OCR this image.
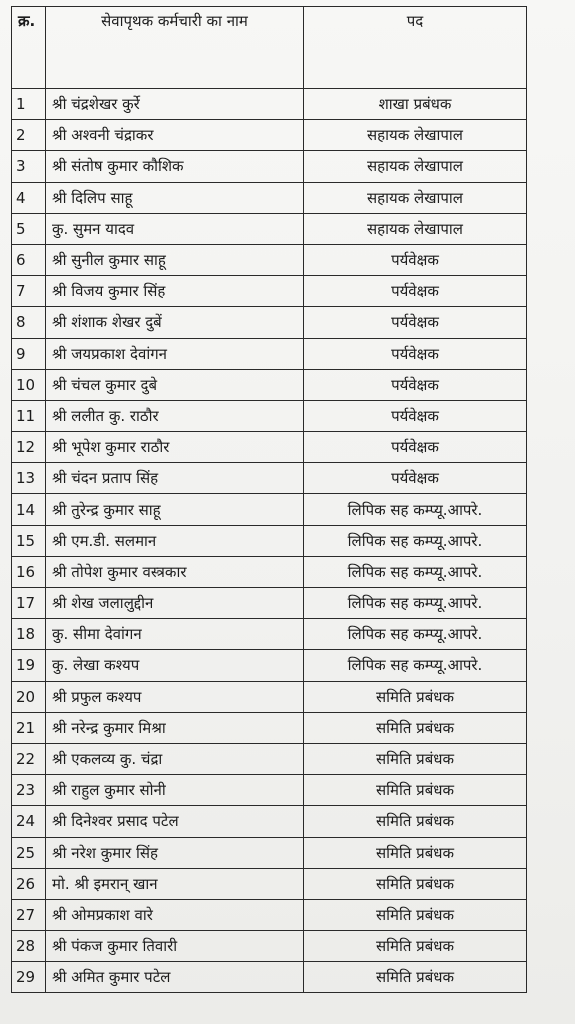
क्र.	सेवापृथक कर्मचारी का नाम	पद
1	श्री चंद्रशेखर कुर्रे	शाखा प्रबंधक
2	श्री अश्वनी चंद्राकर	सहायक लेखापाल
3	श्री संतोष कुमार कौशिक	सहायक लेखापाल
4	श्री दिलिप साहू	सहायक लेखापाल
5	कु. सुमन यादव	सहायक लेखापाल
6	श्री सुनील कुमार साहू	पर्यवेक्षक
7	श्री विजय कुमार सिंह	पर्यवेक्षक
8	श्री शंशाक शेखर दुबें	पर्यवेक्षक
9	श्री जयप्रकाश देवांगन	पर्यवेक्षक
10	श्री चंचल कुमार दुबे	पर्यवेक्षक
11	श्री ललीत कु. राठौर	पर्यवेक्षक
12	श्री भूपेश कुमार राठौर	पर्यवेक्षक
13	श्री चंदन प्रताप सिंह	पर्यवेक्षक
14	श्री तुरेन्द्र कुमार साहू	लिपिक सह कम्प्यू.आपरे.
15	श्री एम.डी. सलमान	लिपिक सह कम्प्यू.आपरे.
16	श्री तोपेश कुमार वस्त्रकार	लिपिक सह कम्प्यू.आपरे.
17	श्री शेख जलालुद्दीन	लिपिक सह कम्प्यू.आपरे.
18	कु. सीमा देवांगन	लिपिक सह कम्प्यू.आपरे.
19	कु. लेखा कश्यप	लिपिक सह कम्प्यू.आपरे.
20	श्री प्रफुल कश्यप	समिति प्रबंधक
21	श्री नरेन्द्र कुमार मिश्रा	समिति प्रबंधक
22	श्री एकलव्य कु. चंद्रा	समिति प्रबंधक
23	श्री राहुल कुमार सोनी	समिति प्रबंधक
24	श्री दिनेश्वर प्रसाद पटेल	समिति प्रबंधक
25	श्री नरेश कुमार सिंह	समिति प्रबंधक
26	मो. श्री इमरान् खान	समिति प्रबंधक
27	श्री ओमप्रकाश वारे	समिति प्रबंधक
28	श्री पंकज कुमार तिवारी	समिति प्रबंधक
29	श्री अमित कुमार पटेल	समिति प्रबंधक
